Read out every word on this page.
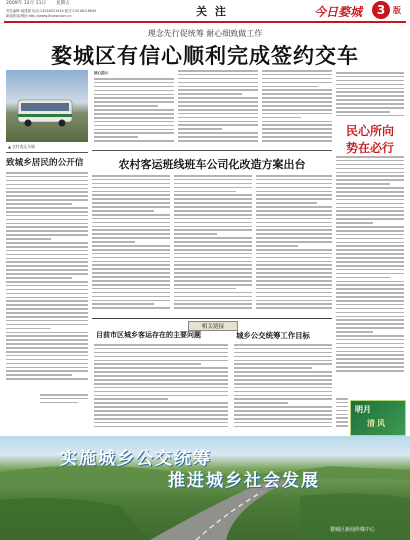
2009年 12月 11日 星期五
责任编辑:郝建斌 电话:13516021934 版式:13516016644
新闻热线/网址:http://www.lhsww.com.cn	关 注	今日婺城	3 版
理念先行促统筹 耐心细致做工作
婺城区有信心顺利完成签约交车
▲ 农村客运车辆
核心提示
民心所向
势在必行
致城乡居民的公开信	农村客运班线班车公司化改造方案出台
相关链接
目前市区城乡客运存在的主要问题	城乡公交统筹工作目标
明月
清风
实施城乡公交统筹
推进城乡社会发展
婺城区新闻传媒中心
